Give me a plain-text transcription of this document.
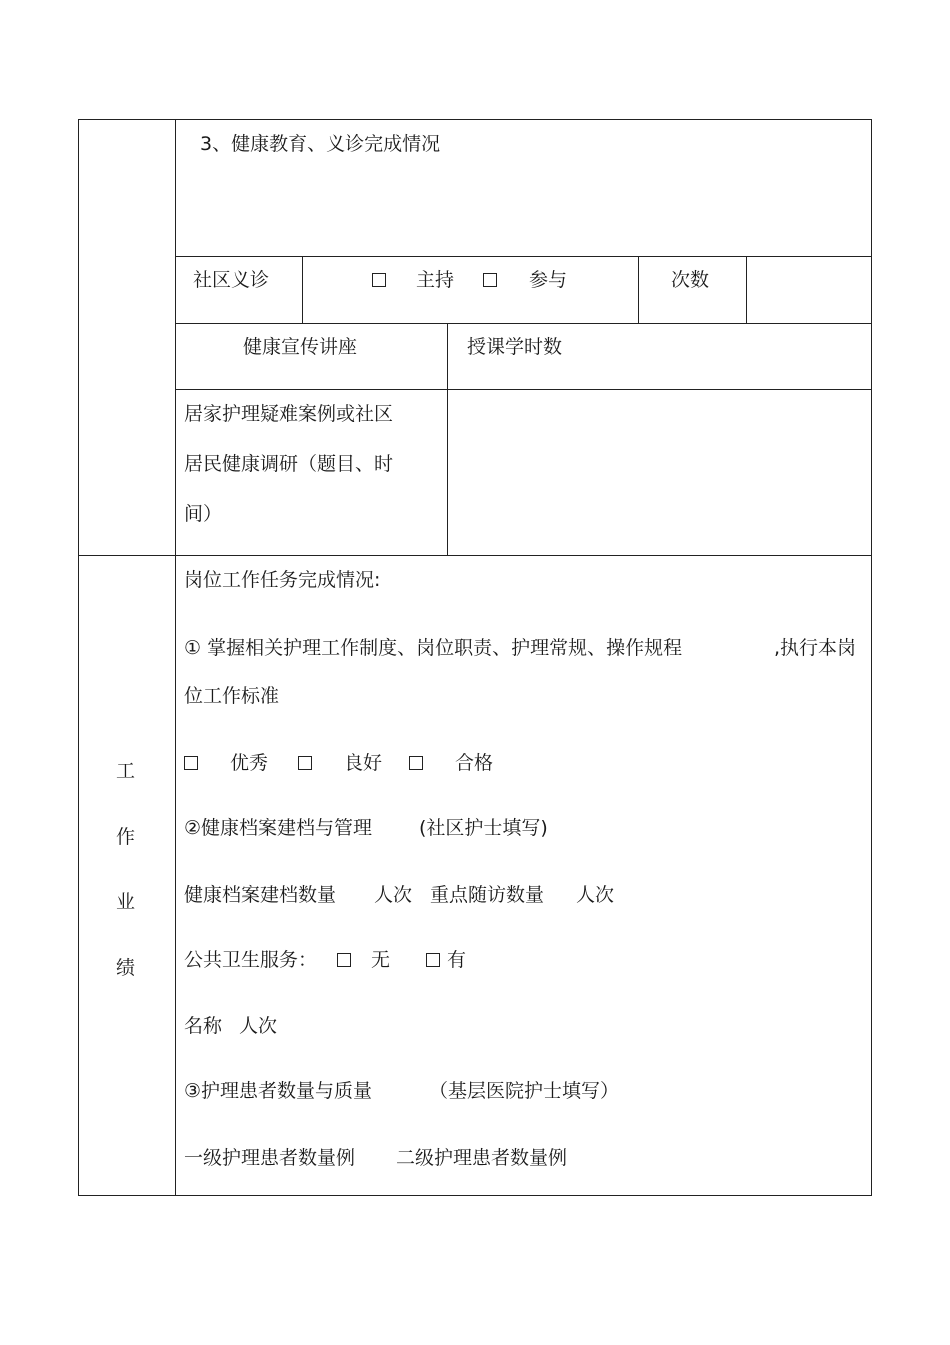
3、健康教育、义诊完成情况
社区义诊	主持	参与	次数
健康宣传讲座	授课学时数
居家护理疑难案例或社区
居民健康调研（题目、时
间）
工
作
业
绩
岗位工作任务完成情况:
① 掌握相关护理工作制度、岗位职责、护理常规、操作规程	,执行本岗
位工作标准
优秀	良好	合格
②健康档案建档与管理 (社区护士填写)
健康档案建档数量 人次 重点随访数量 人次
公共卫生服务：	无	有
名称 人次
③护理患者数量与质量	（基层医院护士填写）
一级护理患者数量例 二级护理患者数量例
